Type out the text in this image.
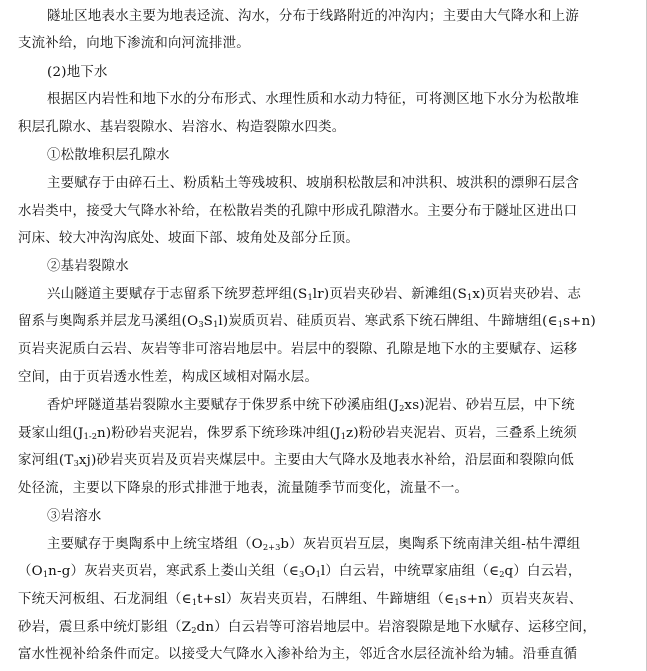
隧址区地表水主要为地表迳流、沟水，分布于线路附近的冲沟内；主要由大气降水和上游
支流补给，向地下渗流和向河流排泄。
(2)地下水
根据区内岩性和地下水的分布形式、水理性质和水动力特征，可将测区地下水分为松散堆
积层孔隙水、基岩裂隙水、岩溶水、构造裂隙水四类。
①松散堆积层孔隙水
主要赋存于由碎石土、粉质粘土等残坡积、坡崩积松散层和冲洪积、坡洪积的漂卵石层含
水岩类中，接受大气降水补给，在松散岩类的孔隙中形成孔隙潜水。主要分布于隧址区进出口
河床、较大冲沟沟底处、坡面下部、坡角处及部分丘顶。
②基岩裂隙水
兴山隧道主要赋存于志留系下统罗惹坪组$(S_1lr)$页岩夹砂岩、新滩组$(S_1x)$页岩夹砂岩、志
留系与奥陶系并层龙马溪组$(O_3S_1l)$炭质页岩、硅质页岩、寒武系下统石牌组、牛蹄塘组$(\in_1s+n)$
页岩夹泥质白云岩、灰岩等非可溶岩地层中。岩层中的裂隙、孔隙是地下水的主要赋存、运移
空间，由于页岩透水性差，构成区域相对隔水层。
香炉坪隧道基岩裂隙水主要赋存于侏罗系中统下砂溪庙组$(J_2xs)$泥岩、砂岩互层，中下统
聂家山组$(J_{1-2}n)$粉砂岩夹泥岩，侏罗系下统珍珠冲组$(J_1z)$粉砂岩夹泥岩、页岩，三叠系上统须
家河组$(T_3xj)$砂岩夹页岩及页岩夹煤层中。主要由大气降水及地表水补给，沿层面和裂隙向低
处径流，主要以下降泉的形式排泄于地表，流量随季节而变化，流量不一。
③岩溶水
主要赋存于奥陶系中上统宝塔组$(O_{2+3}b)$灰岩页岩互层，奥陶系下统南津关组-枯牛潭组
$(O_1n-g)$灰岩夹页岩，寒武系上娄山关组$(\in_3O_1l)$白云岩，中统覃家庙组$(\in_2q)$白云岩，
下统天河板组、石龙洞组$(\in_1t+sl)$灰岩夹页岩，石牌组、牛蹄塘组$(\in_1s+n)$页岩夹灰岩、
砂岩，震旦系中统灯影组$(Z_2dn)$白云岩等可溶岩地层中。岩溶裂隙是地下水赋存、运移空间，
富水性视补给条件而定。以接受大气降水入渗补给为主，邻近含水层径流补给为辅。沿垂直循
